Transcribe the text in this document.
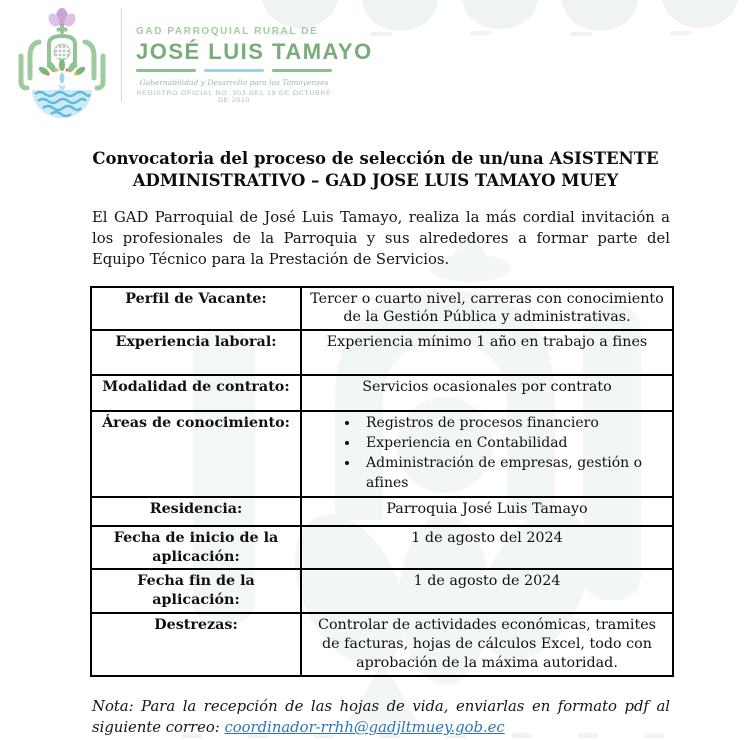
GAD PARROQUIAL RURAL DE
JOSÉ LUIS TAMAYO
Gobernabilidad y Desarrollo para los Tamayenses
REGISTRO OFICIAL NO. 303 DEL 19 DE OCTUBRE DE 2010
Convocatoria del proceso de selección de un/una ASISTENTE
ADMINISTRATIVO – GAD JOSE LUIS TAMAYO MUEY

El GAD Parroquial de José Luis Tamayo, realiza la más cordial invitación a los profesionales de la Parroquia y sus alrededores a formar parte del Equipo Técnico para la Prestación de Servicios.

Perfil de Vacante:	Tercer o cuarto nivel, carreras con conocimiento de la Gestión Pública y administrativas.
Experiencia laboral:	Experiencia mínimo 1 año en trabajo a fines
Modalidad de contrato:	Servicios ocasionales por contrato
Áreas de conocimiento:	
•Registros de procesos financiero
• Experiencia en Contabilidad
• Administración de empresas, gestión o afines

Residencia:	Parroquia José Luis Tamayo
Fecha de inicio de la aplicación:	1 de agosto del 2024
Fecha fin de la aplicación:	1 de agosto de 2024
Destrezas:	Controlar de actividades económicas, tramites de facturas, hojas de cálculos Excel, todo con aprobación de la máxima autoridad.

Nota: Para la recepción de las hojas de vida, enviarlas en formato pdf al siguiente correo: coordinador-rrhh@gadjltmuey.gob.ec
